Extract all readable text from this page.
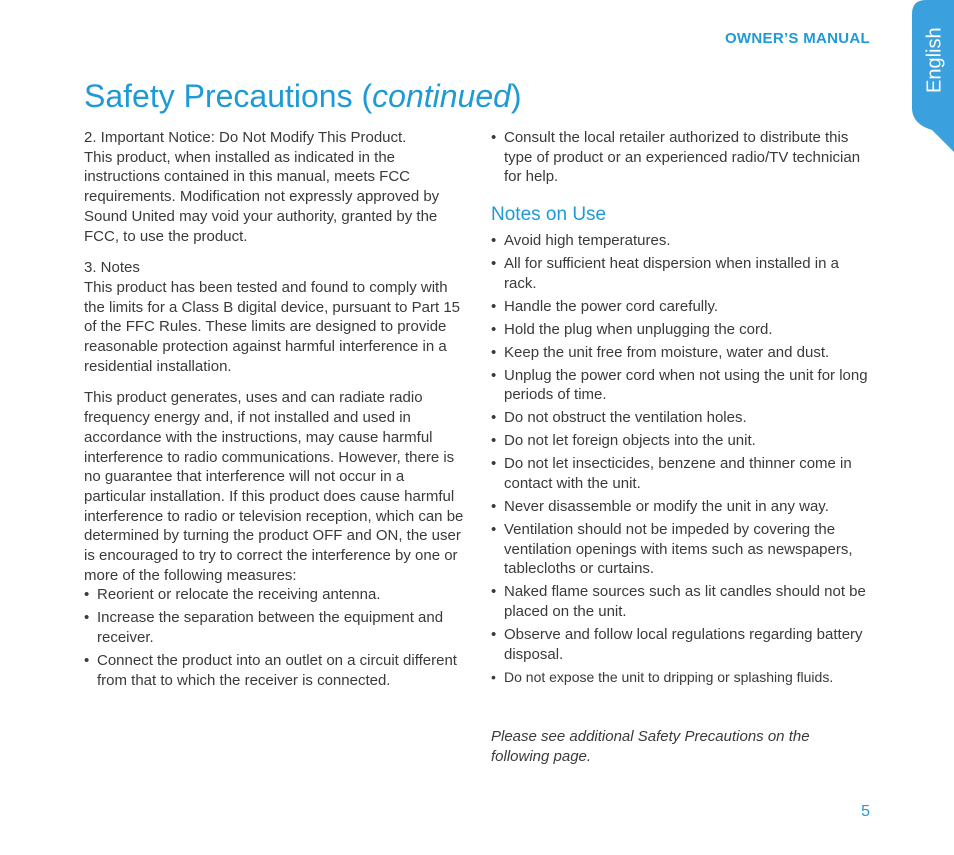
OWNER’S MANUAL	English
Safety Precautions (continued)

2. Important Notice: Do Not Modify This Product.

This product, when installed as indicated in the instructions contained in this manual, meets FCC requirements. Modification not expressly approved by Sound United may void your authority, granted by the FCC, to use the product.

3. Notes

This product has been tested and found to comply with the limits for a Class B digital device, pursuant to Part 15 of the FFC Rules. These limits are designed to provide reasonable protection against harmful interference in a residential installation.

This product generates, uses and can radiate radio frequency energy and, if not installed and used in accordance with the instructions, may cause harmful interference to radio communications. However, there is no guarantee that interference will not occur in a particular installation. If this product does cause harmful interference to radio or television reception, which can be determined by turning the product OFF and ON, the user is encouraged to try to correct the interference by one or more of the following measures:

• Reorient or relocate the receiving antenna.
• Increase the separation between the equipment and receiver.
• Connect the product into an outlet on a circuit different from that to which the receiver is connected.
• Consult the local retailer authorized to distribute this type of product or an experienced radio/TV technician for help.
Notes on Use
• Avoid high temperatures.
• All for sufficient heat dispersion when installed in a rack.
• Handle the power cord carefully.
• Hold the plug when unplugging the cord.
• Keep the unit free from moisture, water and dust.
• Unplug the power cord when not using the unit for long periods of time.
• Do not obstruct the ventilation holes.
• Do not let foreign objects into the unit.
• Do not let insecticides, benzene and thinner come in contact with the unit.
• Never disassemble or modify the unit in any way.
• Ventilation should not be impeded by covering the ventilation openings with items such as newspapers, tablecloths or curtains.
• Naked flame sources such as lit candles should not be placed on the unit.
• Observe and follow local regulations regarding battery disposal.
• Do not expose the unit to dripping or splashing fluids.

Please see additional Safety Precautions on the following page.

5
